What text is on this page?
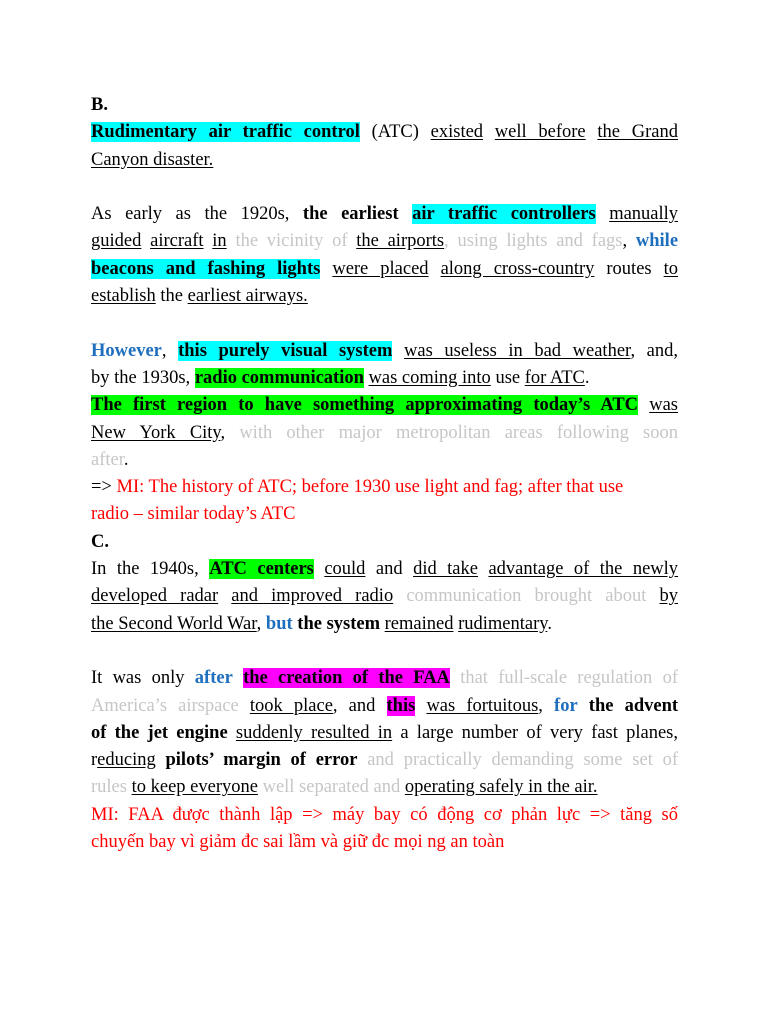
B.
Rudimentary air traffic control (ATC) existed well before the Grand
Canyon disaster.
As early as the 1920s, the earliest air traffic controllers manually
guided aircraft in the vicinity of the airports, using lights and fags, while
beacons and fashing lights were placed along cross-country routes to
establish the earliest airways.
However, this purely visual system was useless in bad weather, and,
by the 1930s, radio communication was coming into use for ATC.
The first region to have something approximating today’s ATC was
New York City, with other major metropolitan areas following soon
after.
=> MI: The history of ATC; before 1930 use light and fag; after that use
radio – similar today’s ATC
C.
In the 1940s, ATC centers could and did take advantage of the newly
developed radar and improved radio communication brought about by
the Second World War, but the system remained rudimentary.
It was only after the creation of the FAA that full-scale regulation of
America’s airspace took place, and this was fortuitous, for the advent
of the jet engine suddenly resulted in a large number of very fast planes,
reducing pilots’ margin of error and practically demanding some set of
rules to keep everyone well separated and operating safely in the air.
MI: FAA được thành lập => máy bay có động cơ phản lực => tăng số
chuyến bay vì giảm đc sai lầm và giữ đc mọi ng an toàn
